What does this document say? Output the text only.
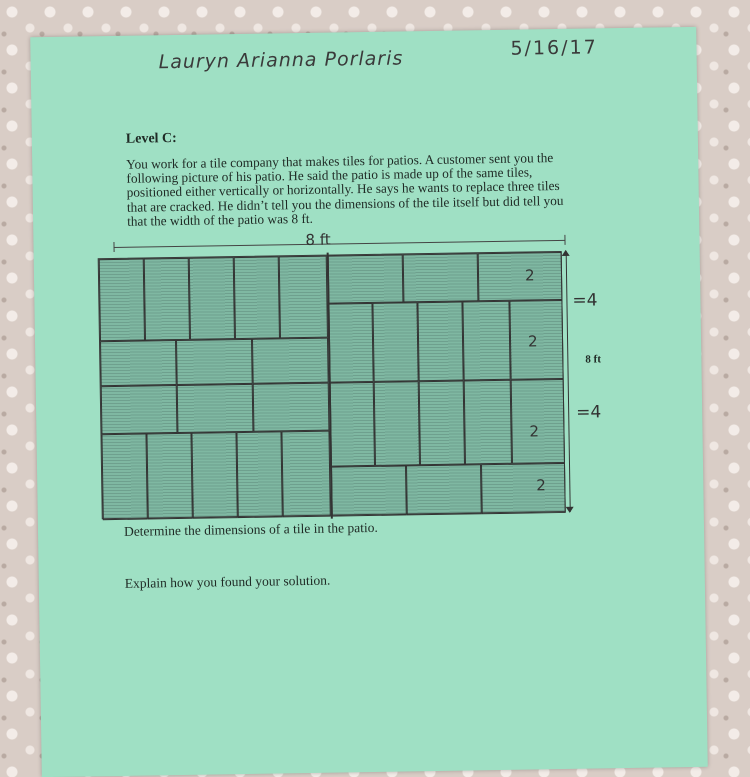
Lauryn Arianna Porlaris	5/16/17
Level C:
You work for a tile company that makes tiles for patios. A customer sent you the following picture of his patio. He said the patio is made up of the same tiles, positioned either vertically or horizontally. He says he wants to replace three tiles that are cracked. He didn’t tell you the dimensions of the tile itself but did tell you that the width of the patio was 8 ft.
8 ft
2
2
2
2
8 ft
=4
=4
Determine the dimensions of a tile in the patio.
Explain how you found your solution.
